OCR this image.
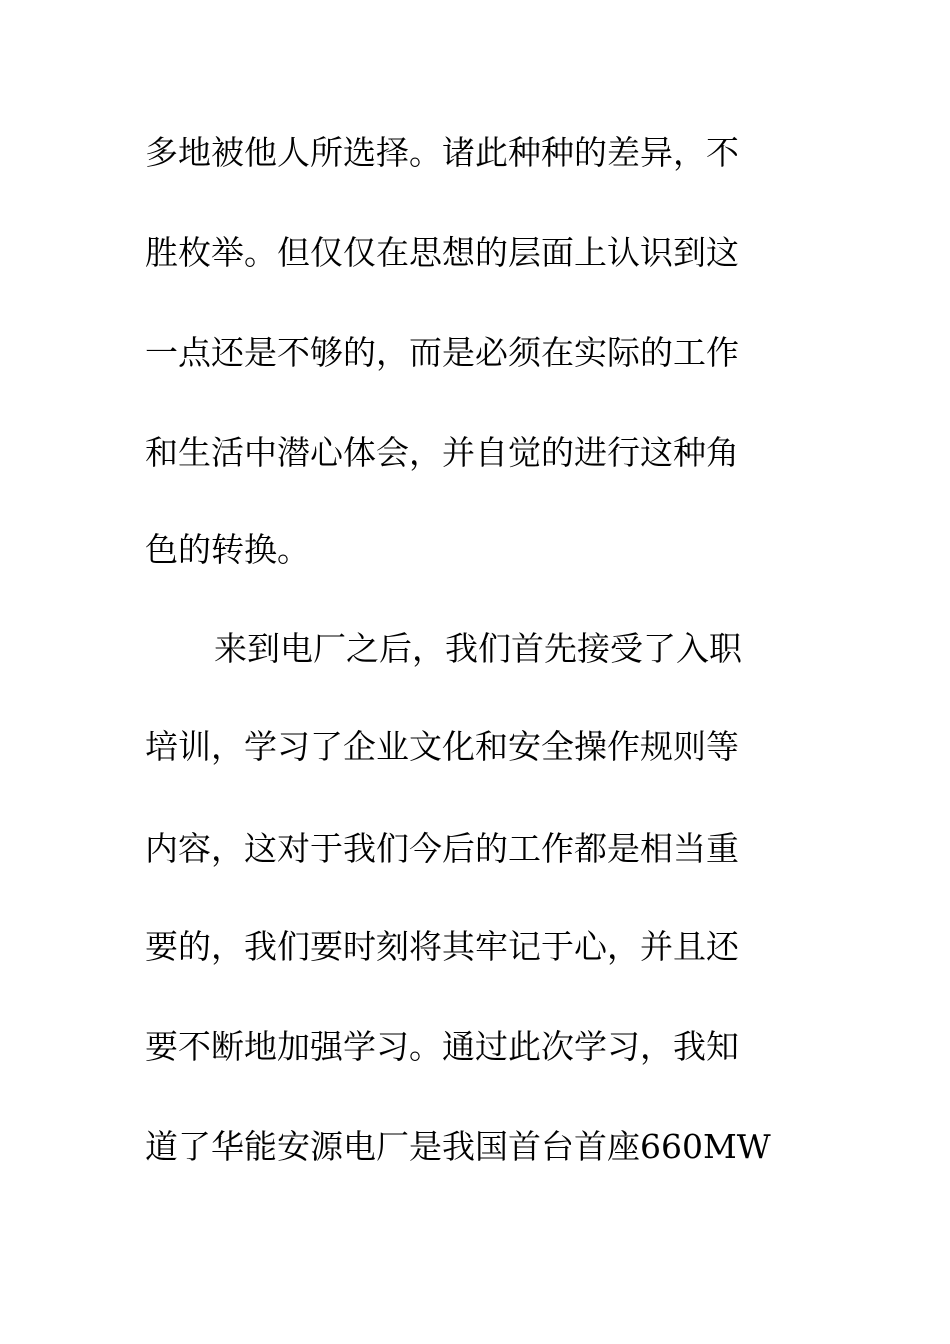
多地被他人所选择。诸此种种的差异，不
胜枚举。但仅仅在思想的层面上认识到这
一点还是不够的，而是必须在实际的工作
和生活中潜心体会，并自觉的进行这种角
色的转换。
来到电厂之后，我们首先接受了入职
培训，学习了企业文化和安全操作规则等
内容，这对于我们今后的工作都是相当重
要的，我们要时刻将其牢记于心，并且还
要不断地加强学习。通过此次学习，我知
道了华能安源电厂是我国首台首座660MW
